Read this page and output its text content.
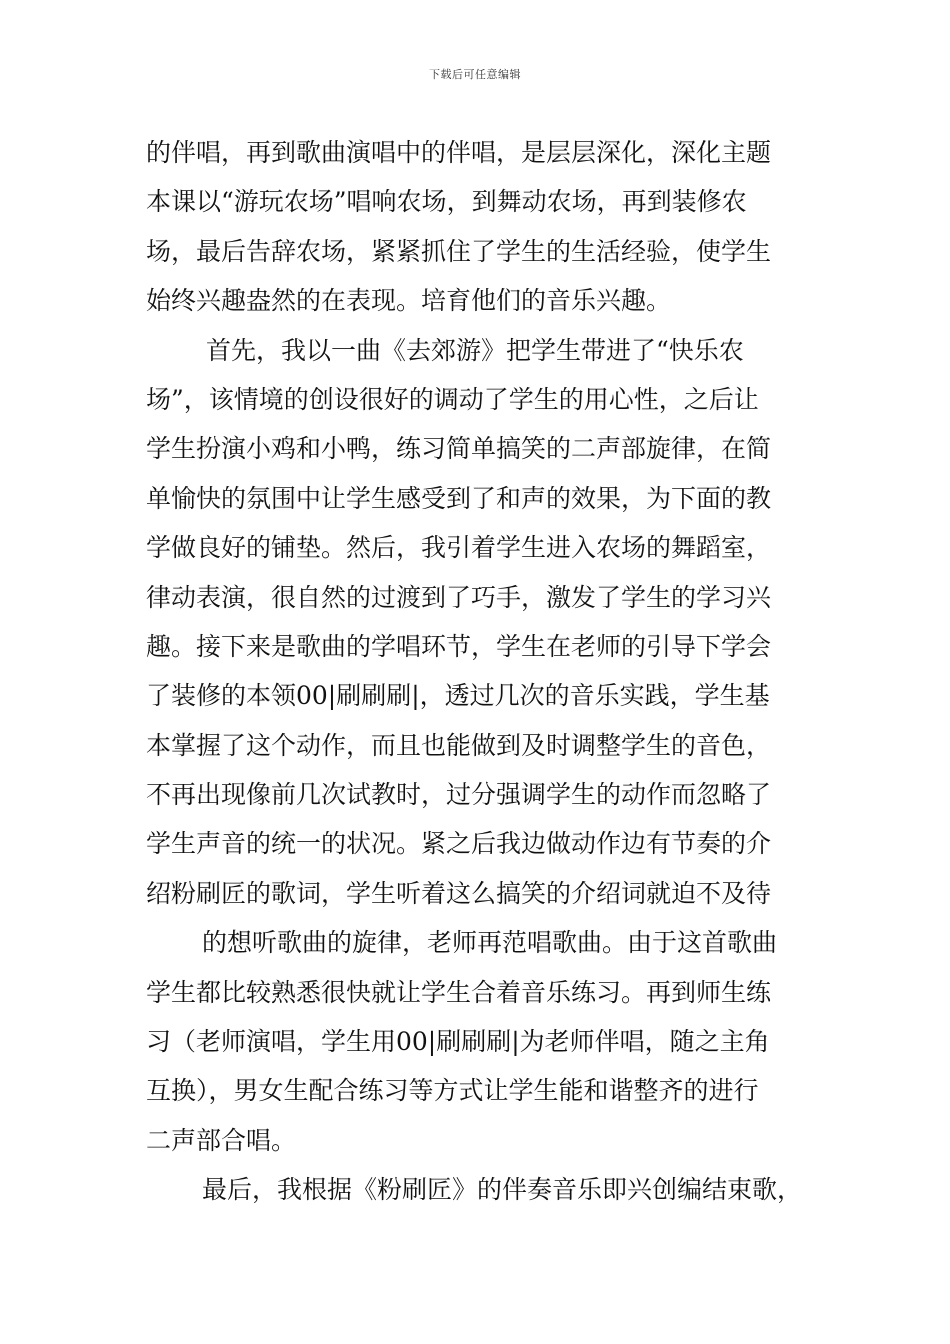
下载后可任意编辑
的伴唱，再到歌曲演唱中的伴唱，是层层深化，深化主题
本课以“游玩农场”唱响农场，到舞动农场，再到装修农
场，最后告辞农场，紧紧抓住了学生的生活经验，使学生
始终兴趣盎然的在表现。培育他们的音乐兴趣。
首先，我以一曲《去郊游》把学生带进了“快乐农
场”，该情境的创设很好的调动了学生的用心性，之后让
学生扮演小鸡和小鸭，练习简单搞笑的二声部旋律，在简
单愉快的氛围中让学生感受到了和声的效果，为下面的教
学做良好的铺垫。然后，我引着学生进入农场的舞蹈室，
律动表演，很自然的过渡到了巧手，激发了学生的学习兴
趣。接下来是歌曲的学唱环节，学生在老师的引导下学会
了装修的本领00|刷刷刷|，透过几次的音乐实践，学生基
本掌握了这个动作，而且也能做到及时调整学生的音色，
不再出现像前几次试教时，过分强调学生的动作而忽略了
学生声音的统一的状况。紧之后我边做动作边有节奏的介
绍粉刷匠的歌词，学生听着这么搞笑的介绍词就迫不及待
的想听歌曲的旋律，老师再范唱歌曲。由于这首歌曲
学生都比较熟悉很快就让学生合着音乐练习。再到师生练
习（老师演唱，学生用00|刷刷刷|为老师伴唱，随之主角
互换），男女生配合练习等方式让学生能和谐整齐的进行
二声部合唱。
最后，我根据《粉刷匠》的伴奏音乐即兴创编结束歌，
